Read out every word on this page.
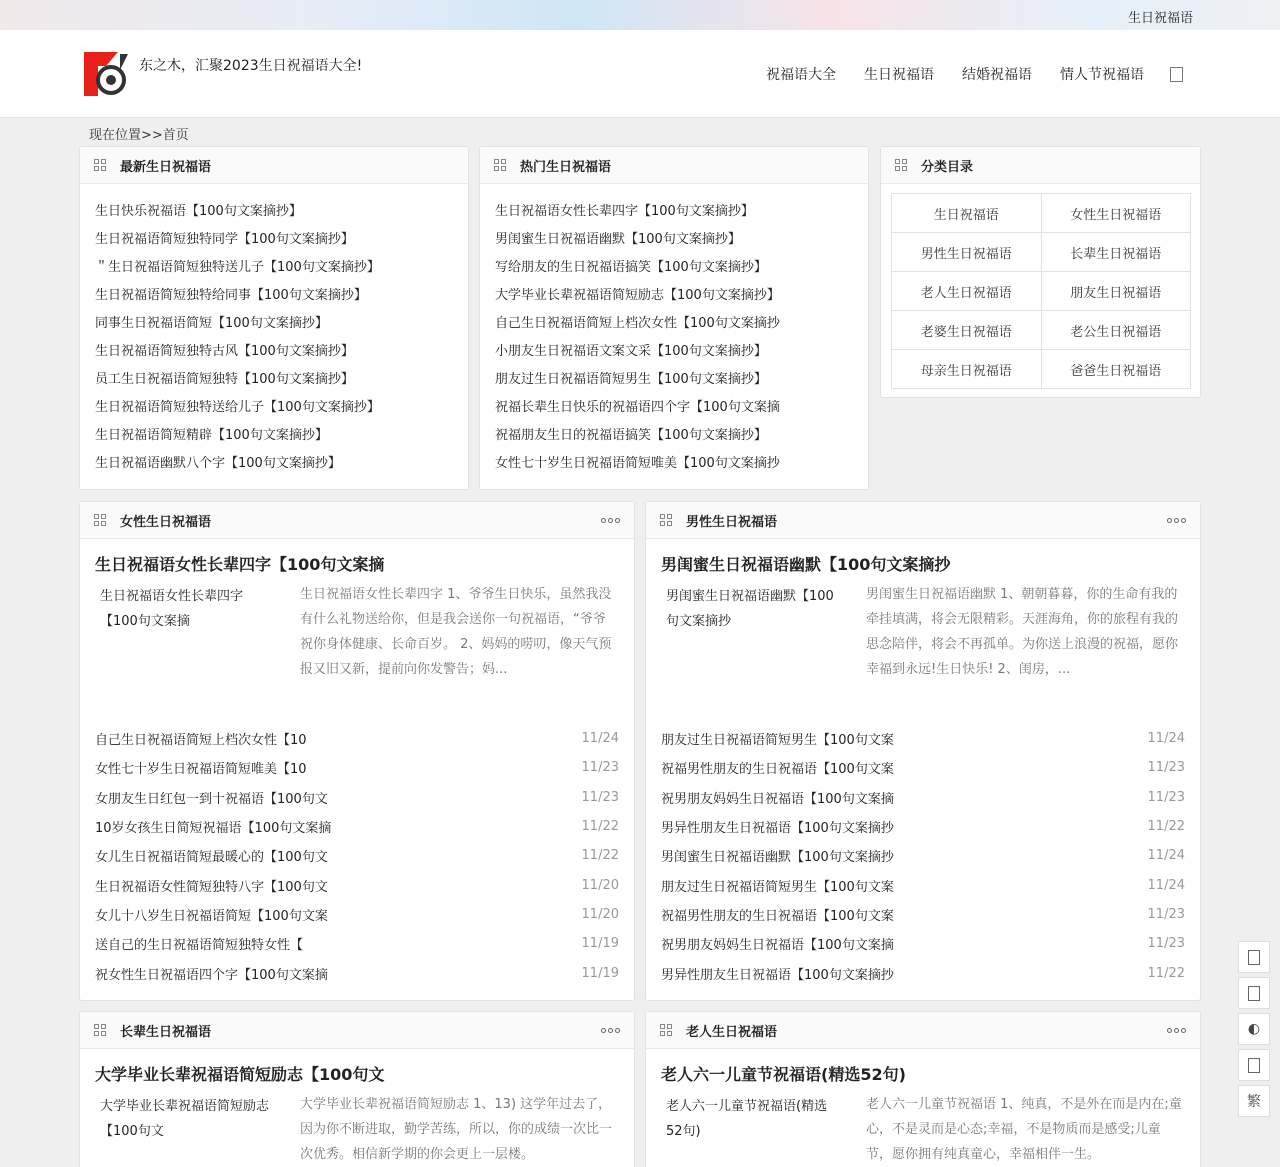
生日祝福语
东之木，汇聚2023生日祝福语大全!
祝福语大全 生日祝福语 结婚祝福语 情人节祝福语
现在位置>>首页
最新生日祝福语
生日快乐祝福语【100句文案摘抄】
生日祝福语简短独特同学【100句文案摘抄】
＂生日祝福语简短独特送儿子【100句文案摘抄】
生日祝福语简短独特给同事【100句文案摘抄】
同事生日祝福语简短【100句文案摘抄】
生日祝福语简短独特古风【100句文案摘抄】
员工生日祝福语简短独特【100句文案摘抄】
生日祝福语简短独特送给儿子【100句文案摘抄】
生日祝福语简短精辟【100句文案摘抄】
生日祝福语幽默八个字【100句文案摘抄】
热门生日祝福语
生日祝福语女性长辈四字【100句文案摘抄】
男闺蜜生日祝福语幽默【100句文案摘抄】
写给朋友的生日祝福语搞笑【100句文案摘抄】
大学毕业长辈祝福语简短励志【100句文案摘抄】
自己生日祝福语简短上档次女性【100句文案摘抄
小朋友生日祝福语文案文采【100句文案摘抄】
朋友过生日祝福语简短男生【100句文案摘抄】
祝福长辈生日快乐的祝福语四个字【100句文案摘
祝福朋友生日的祝福语搞笑【100句文案摘抄】
女性七十岁生日祝福语简短唯美【100句文案摘抄
分类目录
生日祝福语	女性生日祝福语
男性生日祝福语	长辈生日祝福语
老人生日祝福语	朋友生日祝福语
老婆生日祝福语	老公生日祝福语
母亲生日祝福语	爸爸生日祝福语
女性生日祝福语
生日祝福语女性长辈四字【100句文案摘
生日祝福语女性长辈四字【100句文案摘
生日祝福语女性长辈四字 1、爷爷生日快乐，虽然我没有什么礼物送给你，但是我会送你一句祝福语，“爷爷祝你身体健康、长命百岁。 2、妈妈的唠叨，像天气预报又旧又新，提前向你发警告；妈...
自己生日祝福语简短上档次女性【10	11/24
女性七十岁生日祝福语简短唯美【10	11/23
女朋友生日红包一到十祝福语【100句文	11/23
10岁女孩生日简短祝福语【100句文案摘	11/22
女儿生日祝福语简短最暖心的【100句文	11/22
生日祝福语女性简短独特八字【100句文	11/20
女儿十八岁生日祝福语简短【100句文案	11/20
送自己的生日祝福语简短独特女性【	11/19
祝女性生日祝福语四个字【100句文案摘	11/19
男性生日祝福语
男闺蜜生日祝福语幽默【100句文案摘抄
男闺蜜生日祝福语幽默【100句文案摘抄
男闺蜜生日祝福语幽默 1、朝朝暮暮，你的生命有我的牵挂填满，将会无限精彩。天涯海角，你的旅程有我的思念陪伴，将会不再孤单。为你送上浪漫的祝福，愿你幸福到永远!生日快乐! 2、闺房，...
朋友过生日祝福语简短男生【100句文案	11/24
祝福男性朋友的生日祝福语【100句文案	11/23
祝男朋友妈妈生日祝福语【100句文案摘	11/23
男异性朋友生日祝福语【100句文案摘抄	11/22
男闺蜜生日祝福语幽默【100句文案摘抄	11/24
朋友过生日祝福语简短男生【100句文案	11/24
祝福男性朋友的生日祝福语【100句文案	11/23
祝男朋友妈妈生日祝福语【100句文案摘	11/23
男异性朋友生日祝福语【100句文案摘抄	11/22
长辈生日祝福语
大学毕业长辈祝福语简短励志【100句文
大学毕业长辈祝福语简短励志【100句文
大学毕业长辈祝福语简短励志 1、13) 这学年过去了，因为你不断进取，勤学苦练，所以，你的成绩一次比一次优秀。相信新学期的你会更上一层楼。
老人生日祝福语
老人六一儿童节祝福语(精选52句)
老人六一儿童节祝福语(精选52句)
老人六一儿童节祝福语 1、纯真，不是外在而是内在;童心，不是灵而是心态;幸福，不是物质而是感受;儿童节，愿你拥有纯真童心，幸福相伴一生。
◐
繁
